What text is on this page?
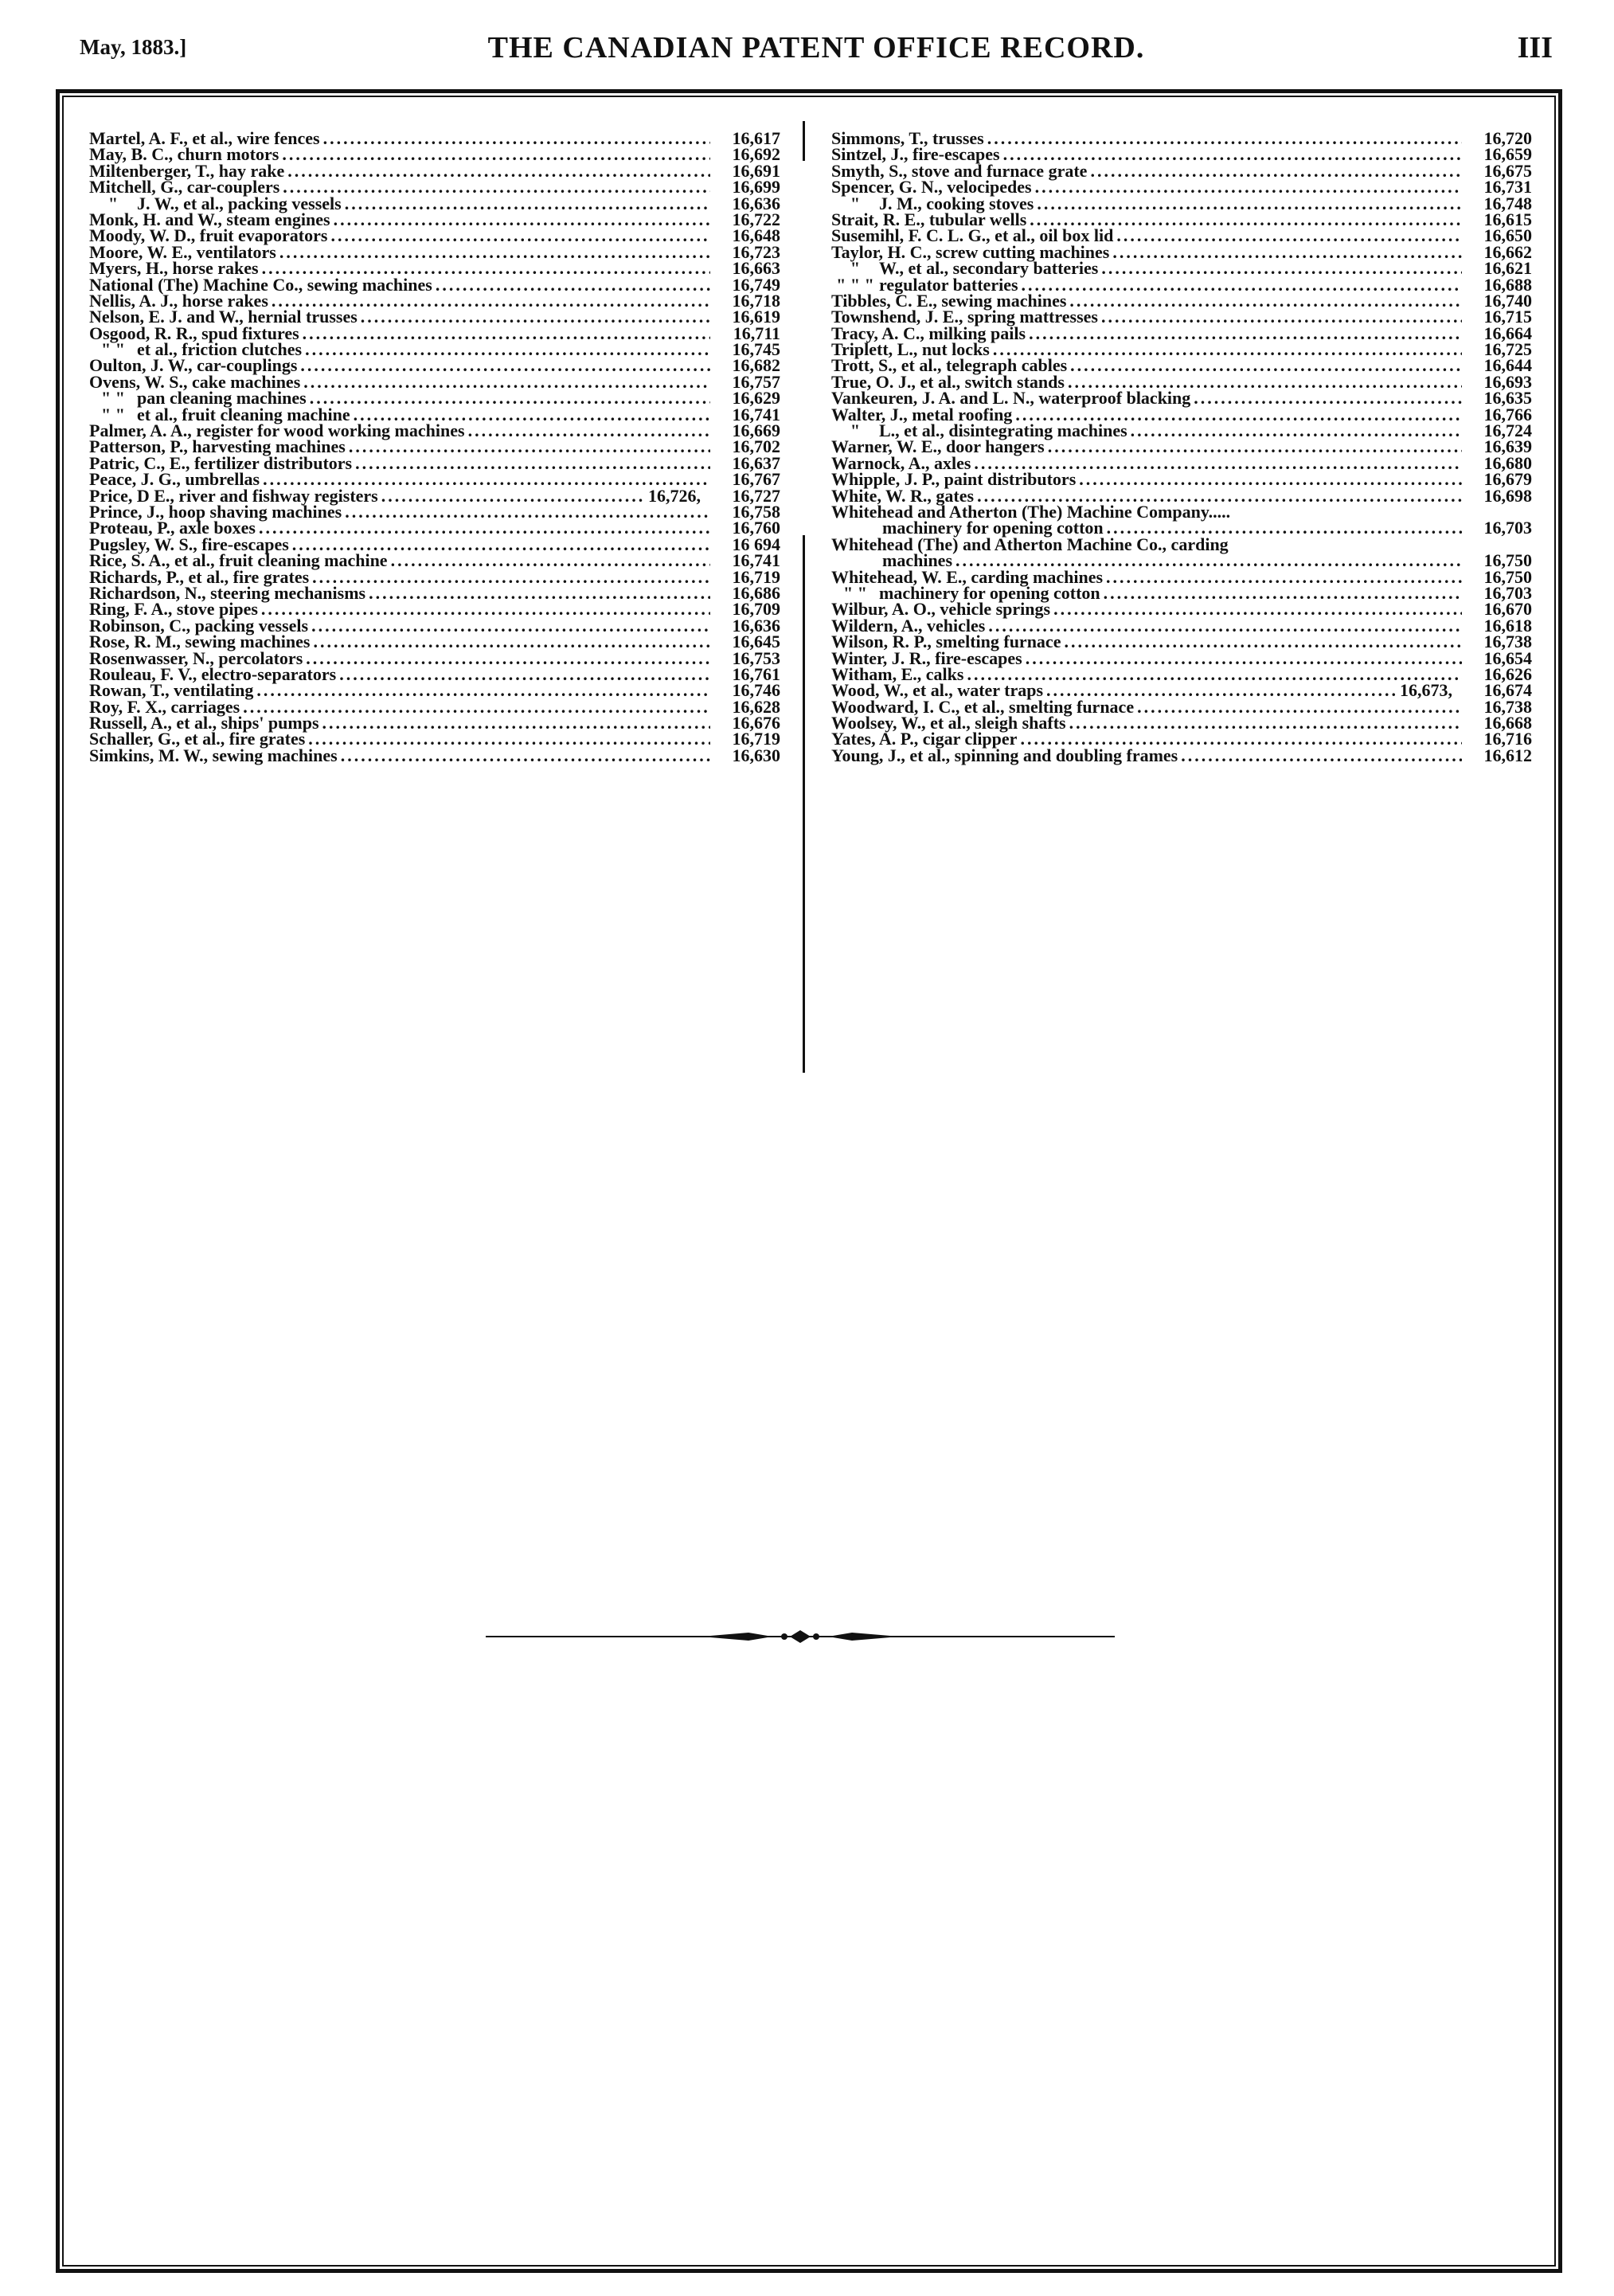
May, 1883.]	THE CANADIAN PATENT OFFICE RECORD.	III
Martel, A. F., et al., wire fences .....	16,617
May, B. C., churn motors .....	16,692
Miltenberger, T., hay rake .....	16,691
Mitchell, G., car-couplers .....	16,699
" J. W., et al., packing vessels .....	16,636
Monk, H. and W., steam engines .....	16,722
Moody, W. D., fruit evaporators .....	16,648
Moore, W. E., ventilators .....	16,723
Myers, H., horse rakes .....	16,663
National (The) Machine Co., sewing machines .....	16,749
Nellis, A. J., horse rakes .....	16,718
Nelson, E. J. and W., hernial trusses .....	16,619
Osgood, R. R., spud fixtures .....	16,711
" " et al., friction clutches .....	16,745
Oulton, J. W., car-couplings .....	16,682
Ovens, W. S., cake machines .....	16,757
" " pan cleaning machines .....	16,629
" " et al., fruit cleaning machine .....	16,741
Palmer, A. A., register for wood working machines .....	16,669
Patterson, P., harvesting machines .....	16,702
Patric, C., E., fertilizer distributors .....	16,637
Peace, J. G., umbrellas .....	16,767
Price, D E., river and fishway registers .....	16,726,	16,727
Prince, J., hoop shaving machines .....	16,758
Proteau, P., axle boxes .....	16,760
Pugsley, W. S., fire-escapes .....	16 694
Rice, S. A., et al., fruit cleaning machine .....	16,741
Richards, P., et al., fire grates .....	16,719
Richardson, N., steering mechanisms .....	16,686
Ring, F. A., stove pipes .....	16,709
Robinson, C., packing vessels .....	16,636
Rose, R. M., sewing machines .....	16,645
Rosenwasser, N., percolators .....	16,753
Rouleau, F. V., electro-separators .....	16,761
Rowan, T., ventilating .....	16,746
Roy, F. X., carriages .....	16,628
Russell, A., et al., ships' pumps .....	16,676
Schaller, G., et al., fire grates .....	16,719
Simkins, M. W., sewing machines .....	16,630
Simmons, T., trusses .....	16,720
Sintzel, J., fire-escapes .....	16,659
Smyth, S., stove and furnace grate .....	16,675
Spencer, G. N., velocipedes .....	16,731
" J. M., cooking stoves .....	16,748
Strait, R. E., tubular wells .....	16,615
Susemihl, F. C. L. G., et al., oil box lid .....	16,650
Taylor, H. C., screw cutting machines .....	16,662
" W., et al., secondary batteries .....	16,621
" " " regulator batteries .....	16,688
Tibbles, C. E., sewing machines .....	16,740
Townshend, J. E., spring mattresses .....	16,715
Tracy, A. C., milking pails .....	16,664
Triplett, L., nut locks .....	16,725
Trott, S., et al., telegraph cables .....	16,644
True, O. J., et al., switch stands .....	16,693
Vankeuren, J. A. and L. N., waterproof blacking .....	16,635
Walter, J., metal roofing .....	16,766
" L., et al., disintegrating machines .....	16,724
Warner, W. E., door hangers .....	16,639
Warnock, A., axles .....	16,680
Whipple, J. P., paint distributors .....	16,679
White, W. R., gates .....	16,698
Whitehead and Atherton (The) Machine Company.....
machinery for opening cotton .....	16,703
Whitehead (The) and Atherton Machine Co., carding
machines .....	16,750
Whitehead, W. E., carding machines .....	16,750
" " machinery for opening cotton .....	16,703
Wilbur, A. O., vehicle springs .....	16,670
Wildern, A., vehicles .....	16,618
Wilson, R. P., smelting furnace .....	16,738
Winter, J. R., fire-escapes .....	16,654
Witham, E., calks .....	16,626
Wood, W., et al., water traps .....	16,673,	16,674
Woodward, I. C., et al., smelting furnace .....	16,738
Woolsey, W., et al., sleigh shafts .....	16,668
Yates, A. P., cigar clipper .....	16,716
Young, J., et al., spinning and doubling frames .....	16,612
